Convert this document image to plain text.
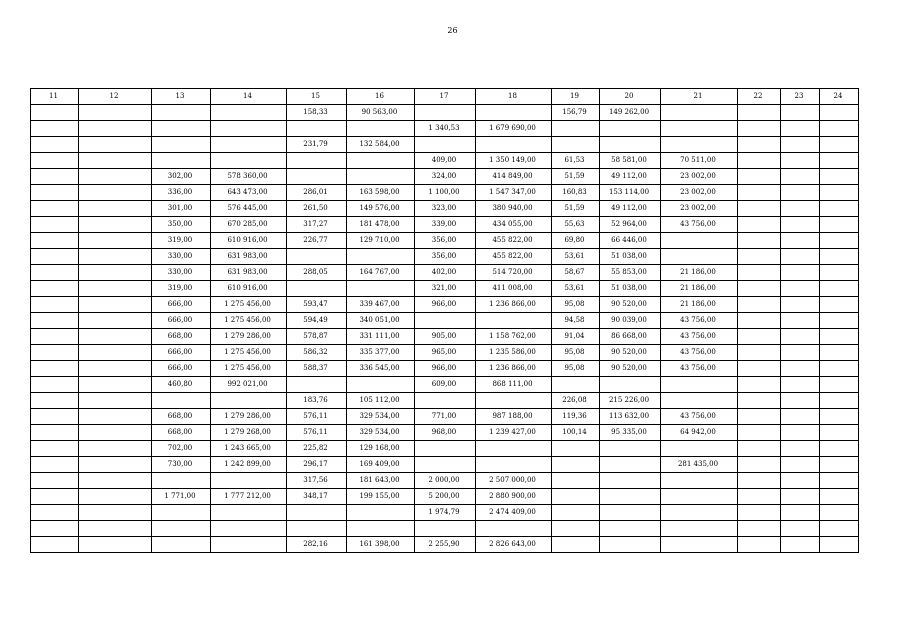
26
11	12	13	14	15	16	17	18	19	20	21	22	23	24
				158,33	90 563,00			156,79	149 262,00				
						1 340,53	1 679 690,00						
				231,79	132 584,00								
						409,00	1 350 149,00	61,53	58 581,00	70 511,00			
		302,00	578 360,00			324,00	414 849,00	51,59	49 112,00	23 002,00			
		336,00	643 473,00	286,01	163 598,00	1 100,00	1 547 347,00	160,83	153 114,00	23 002,00			
		301,00	576 445,00	261,50	149 576,00	323,00	380 940,00	51,59	49 112,00	23 002,00			
		350,00	670 285,00	317,27	181 478,00	339,00	434 055,00	55,63	52 964,00	43 756,00			
		319,00	610 916,00	226,77	129 710,00	356,00	455 822,00	69,80	66 446,00				
		330,00	631 983,00			356,00	455 822,00	53,61	51 038,00				
		330,00	631 983,00	288,05	164 767,00	402,00	514 720,00	58,67	55 853,00	21 186,00			
		319,00	610 916,00			321,00	411 008,00	53,61	51 038,00	21 186,00			
		666,00	1 275 456,00	593,47	339 467,00	966,00	1 236 866,00	95,08	90 520,00	21 186,00			
		666,00	1 275 456,00	594,49	340 051,00			94,58	90 039,00	43 756,00			
		668,00	1 279 286,00	578,87	331 111,00	905,00	1 158 762,00	91,04	86 668,00	43 756,00			
		666,00	1 275 456,00	586,32	335 377,00	965,00	1 235 586,00	95,08	90 520,00	43 756,00			
		666,00	1 275 456,00	588,37	336 545,00	966,00	1 236 866,00	95,08	90 520,00	43 756,00			
		460,80	992 021,00			609,00	868 111,00						
				183,76	105 112,00			226,08	215 226,00				
		668,00	1 279 286,00	576,11	329 534,00	771,00	987 188,00	119,36	113 632,00	43 756,00			
		668,00	1 279 268,00	576,11	329 534,00	968,00	1 239 427,00	100,14	95 335,00	64 942,00			
		702,00	1 243 665,00	225,82	129 168,00								
		730,00	1 242 899,00	296,17	169 409,00					281 435,00			
				317,56	181 643,00	2 000,00	2 507 000,00						
		1 771,00	1 777 212,00	348,17	199 155,00	5 200,00	2 880 900,00						
						1 974,79	2 474 409,00						

				282,16	161 398,00	2 255,90	2 826 643,00						
